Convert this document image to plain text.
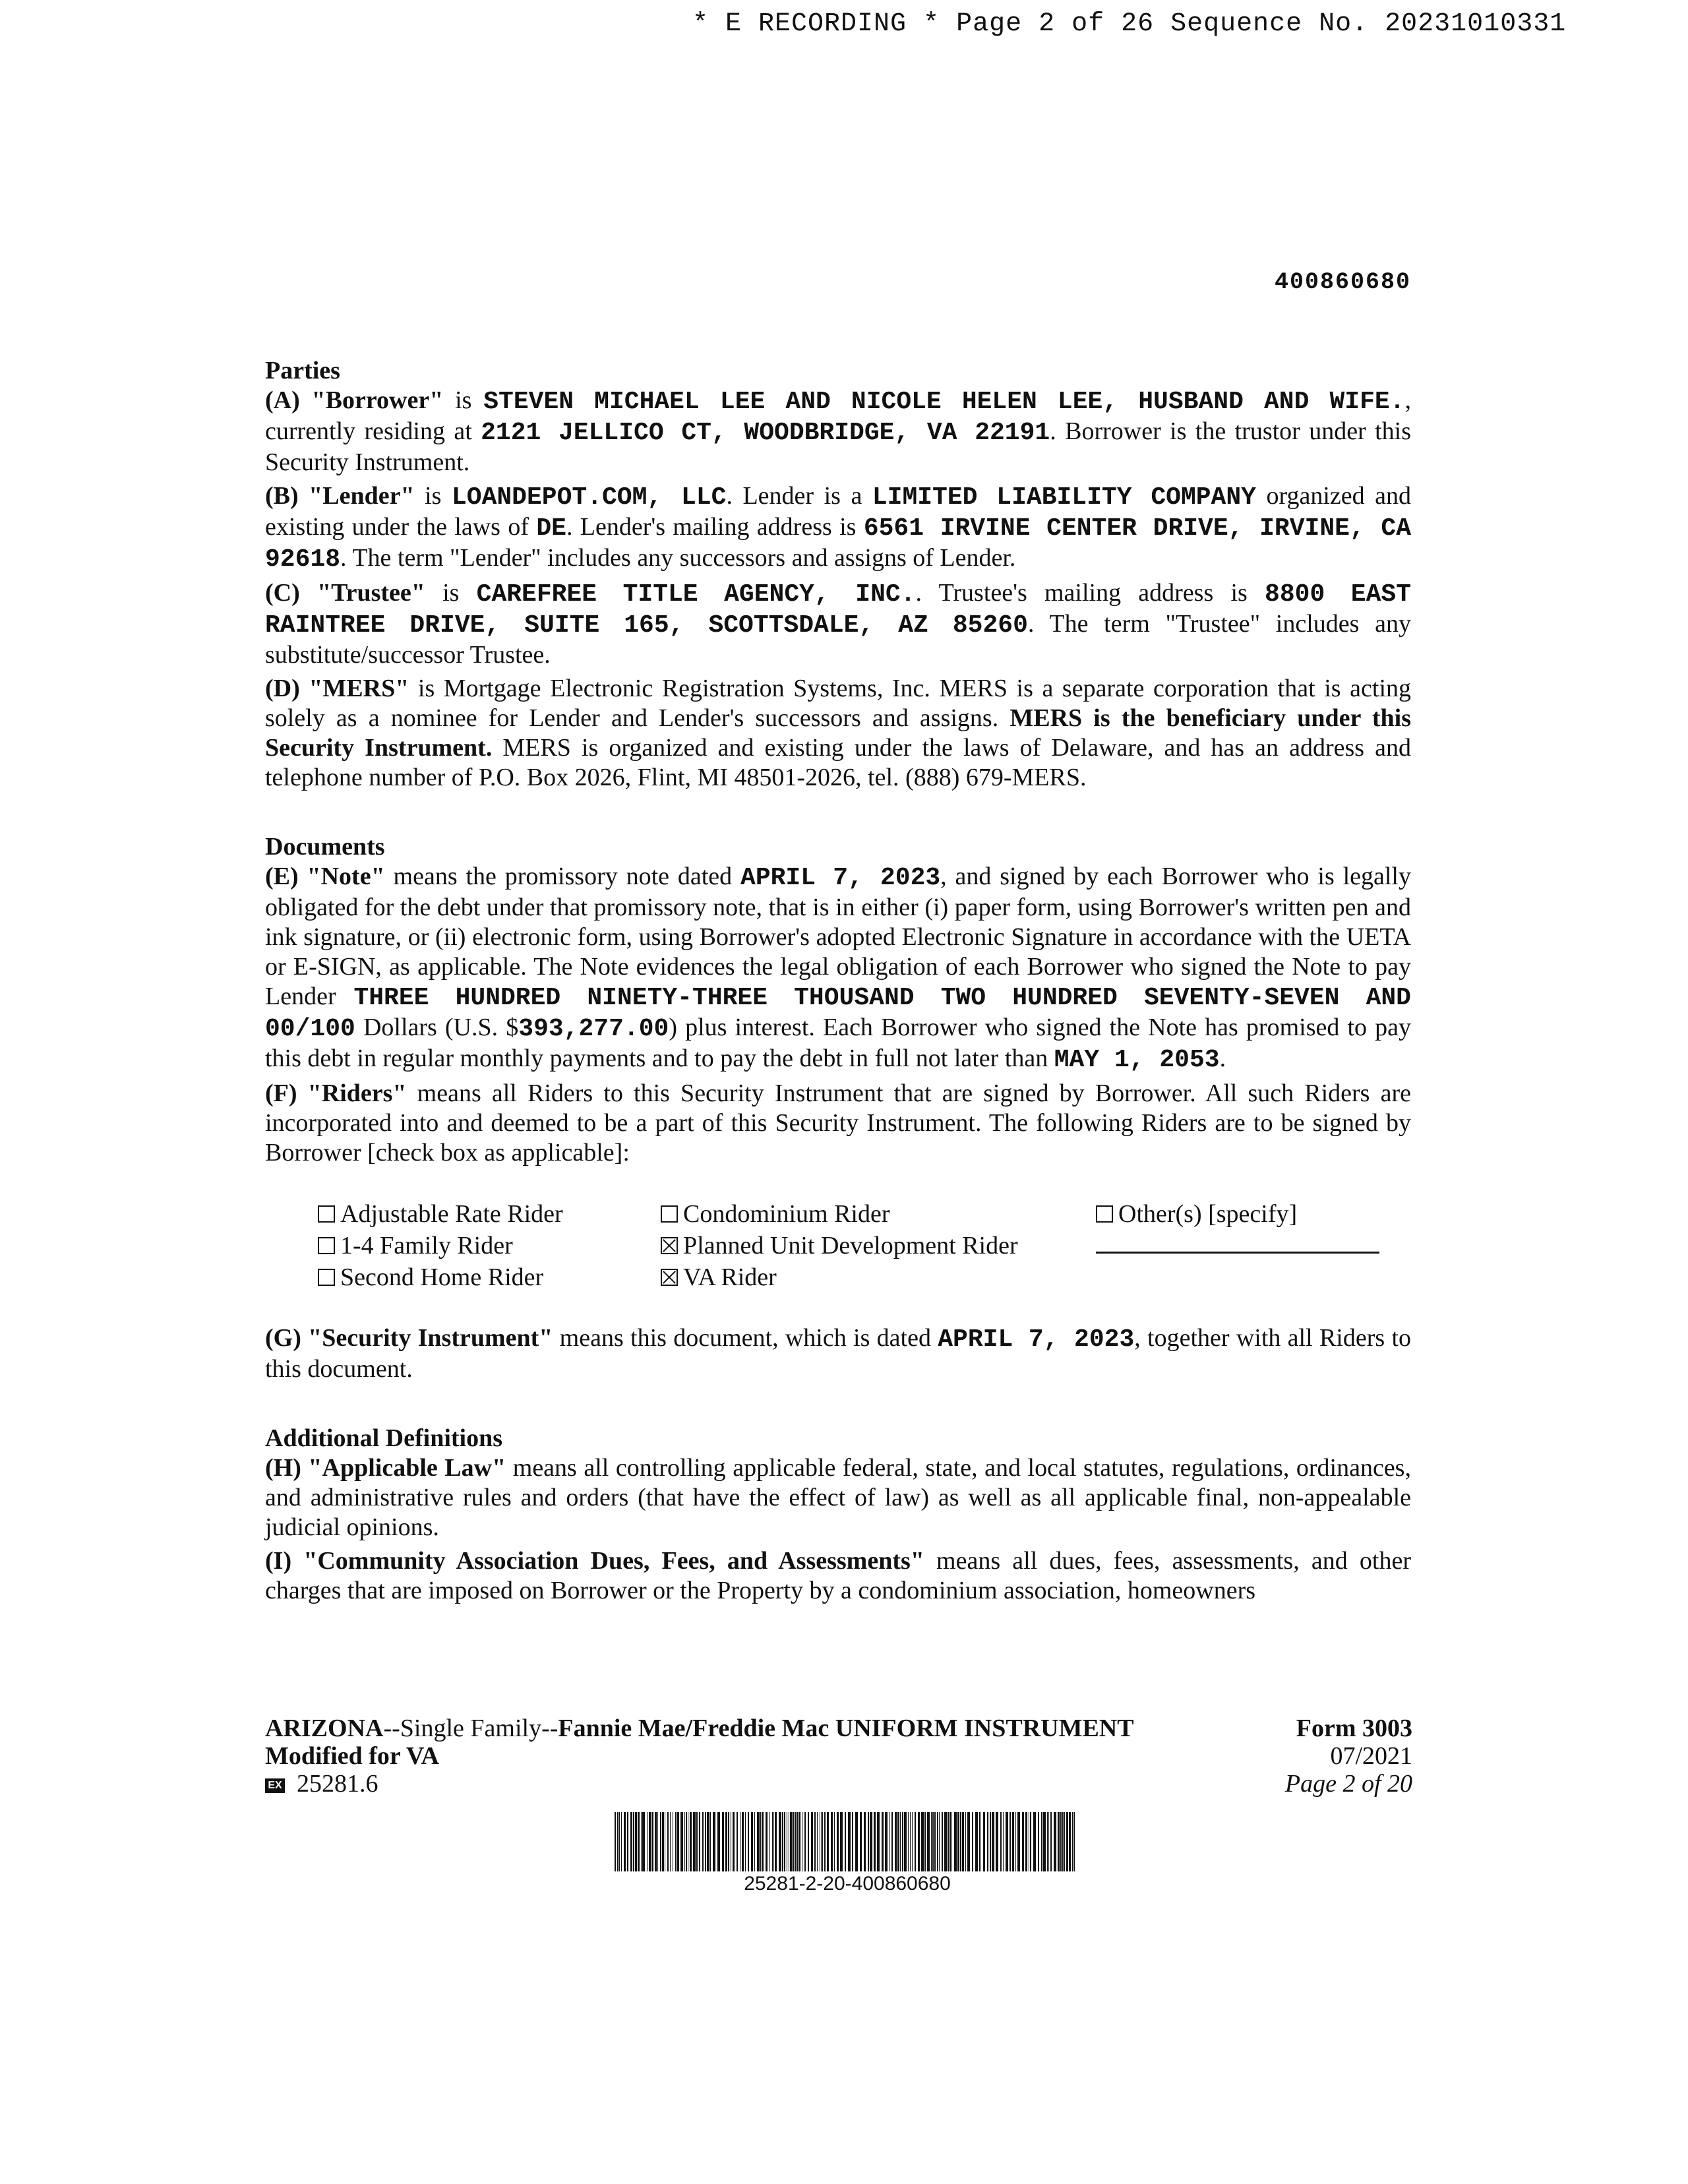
* E RECORDING * Page 2 of 26 Sequence No. 20231010331
400860680
Parties

(A) "Borrower" is STEVEN MICHAEL LEE AND NICOLE HELEN LEE, HUSBAND AND WIFE., currently residing at 2121 JELLICO CT, WOODBRIDGE, VA 22191. Borrower is the trustor under this Security Instrument.

(B) "Lender" is LOANDEPOT.COM, LLC. Lender is a LIMITED LIABILITY COMPANY organized and existing under the laws of DE. Lender's mailing address is 6561 IRVINE CENTER DRIVE, IRVINE, CA 92618. The term "Lender" includes any successors and assigns of Lender.

(C) "Trustee" is CAREFREE TITLE AGENCY, INC.. Trustee's mailing address is 8800 EAST RAINTREE DRIVE, SUITE 165, SCOTTSDALE, AZ 85260. The term "Trustee" includes any substitute/successor Trustee.

(D) "MERS" is Mortgage Electronic Registration Systems, Inc. MERS is a separate corporation that is acting solely as a nominee for Lender and Lender's successors and assigns. MERS is the beneficiary under this Security Instrument. MERS is organized and existing under the laws of Delaware, and has an address and telephone number of P.O. Box 2026, Flint, MI 48501-2026, tel. (888) 679-MERS.

Documents

(E) "Note" means the promissory note dated APRIL 7, 2023, and signed by each Borrower who is legally obligated for the debt under that promissory note, that is in either (i) paper form, using Borrower's written pen and ink signature, or (ii) electronic form, using Borrower's adopted Electronic Signature in accordance with the UETA or E-SIGN, as applicable. The Note evidences the legal obligation of each Borrower who signed the Note to pay Lender THREE HUNDRED NINETY-THREE THOUSAND TWO HUNDRED SEVENTY-SEVEN AND 00/100 Dollars (U.S. $393,277.00) plus interest. Each Borrower who signed the Note has promised to pay this debt in regular monthly payments and to pay the debt in full not later than MAY 1, 2053.

(F) "Riders" means all Riders to this Security Instrument that are signed by Borrower. All such Riders are incorporated into and deemed to be a part of this Security Instrument. The following Riders are to be signed by Borrower [check box as applicable]:

Adjustable Rate Rider	Condominium Rider	Other(s) [specify]
1-4 Family Rider	Planned Unit Development Rider
Second Home Rider	VA Rider

(G) "Security Instrument" means this document, which is dated APRIL 7, 2023, together with all Riders to this document.

Additional Definitions

(H) "Applicable Law" means all controlling applicable federal, state, and local statutes, regulations, ordinances, and administrative rules and orders (that have the effect of law) as well as all applicable final, non-appealable judicial opinions.

(I) "Community Association Dues, Fees, and Assessments" means all dues, fees, assessments, and other charges that are imposed on Borrower or the Property by a condominium association, homeowners

ARIZONA--Single Family--Fannie Mae/Freddie Mac UNIFORM INSTRUMENT
Modified for VA
EX 25281.6
Form 3003
07/2021
Page 2 of 20
25281-2-20-400860680
